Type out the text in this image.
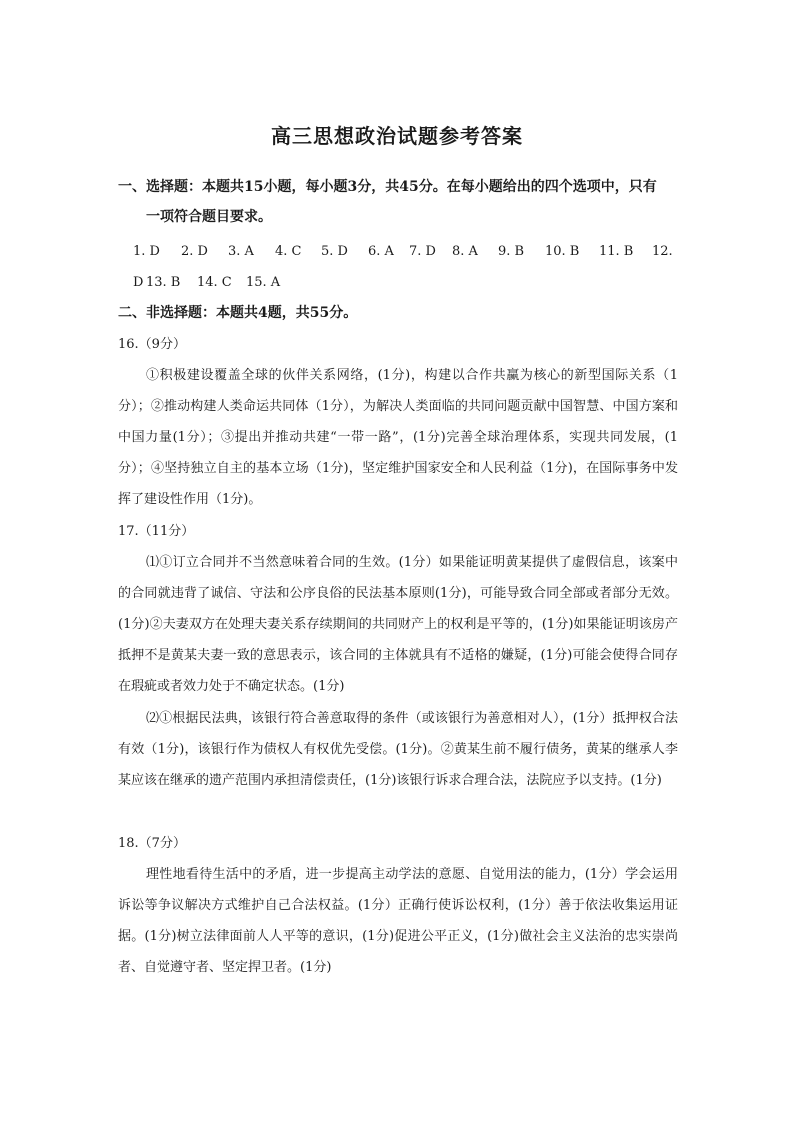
高三思想政治试题参考答案
一、选择题：本题共15小题，每小题3分，共45分。在每小题给出的四个选项中，只有
一项符合题目要求。
1. D 2. D 3. A 4. C 5. D 6. A 7. D 8. A 9. B 10. B 11. B 12.
D 13. B 14. C 15. A
二、非选择题：本题共4题，共55分。
16.（9分）

①积极建设覆盖全球的伙伴关系网络，(1分)，构建以合作共赢为核心的新型国际关系（1分）；②推动构建人类命运共同体（1分），为解决人类面临的共同问题贡献中国智慧、中国方案和中国力量(1分）；③提出并推动共建“一带一路”，(1分)完善全球治理体系，实现共同发展，(1分）；④坚持独立自主的基本立场（1分)，坚定维护国家安全和人民利益（1分)，在国际事务中发挥了建设性作用（1分)。

17.（11分）

⑴①订立合同并不当然意味着合同的生效。(1分）如果能证明黄某提供了虚假信息，该案中的合同就违背了诚信、守法和公序良俗的民法基本原则(1分)，可能导致合同全部或者部分无效。(1分)②夫妻双方在处理夫妻关系存续期间的共同财产上的权利是平等的，(1分)如果能证明该房产抵押不是黄某夫妻一致的意思表示，该合同的主体就具有不适格的嫌疑，(1分)可能会使得合同存在瑕疵或者效力处于不确定状态。(1分)

⑵①根据民法典，该银行符合善意取得的条件（或该银行为善意相对人），(1分）抵押权合法有效（1分)，该银行作为债权人有权优先受偿。(1分)。②黄某生前不履行债务，黄某的继承人李某应该在继承的遗产范围内承担清偿责任，(1分)该银行诉求合理合法，法院应予以支持。(1分)

18.（7分）

理性地看待生活中的矛盾，进一步提高主动学法的意愿、自觉用法的能力，(1分）学会运用诉讼等争议解决方式维护自己合法权益。(1分）正确行使诉讼权利，(1分）善于依法收集运用证据。(1分)树立法律面前人人平等的意识，(1分)促进公平正义，(1分)做社会主义法治的忠实崇尚者、自觉遵守者、坚定捍卫者。(1分)
